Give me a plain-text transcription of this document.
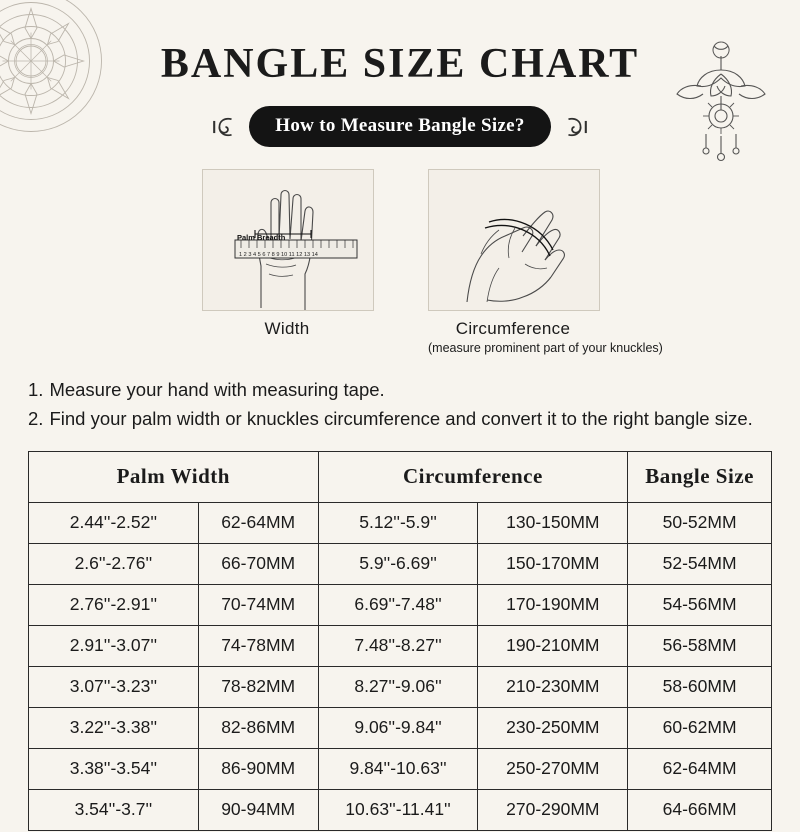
BANGLE SIZE CHART
How to Measure Bangle Size?
1 2 3 4 5 6 7 8 9 10 11 12 13 14
Palm Breadth
Width	Circumference
(measure prominent part of your knuckles)
1. Measure your hand with measuring tape.
2. Find your palm width or knuckles circumference and convert it to the right bangle size.
Palm Width		Circumference		Bangle Size
2.44''-2.52''	62-64MM	5.12''-5.9''	130-150MM	50-52MM
2.6''-2.76''	66-70MM	5.9''-6.69''	150-170MM	52-54MM
2.76''-2.91''	70-74MM	6.69''-7.48''	170-190MM	54-56MM
2.91''-3.07''	74-78MM	7.48''-8.27''	190-210MM	56-58MM
3.07''-3.23''	78-82MM	8.27''-9.06''	210-230MM	58-60MM
3.22''-3.38''	82-86MM	9.06''-9.84''	230-250MM	60-62MM
3.38''-3.54''	86-90MM	9.84''-10.63''	250-270MM	62-64MM
3.54''-3.7''	90-94MM	10.63''-11.41''	270-290MM	64-66MM
